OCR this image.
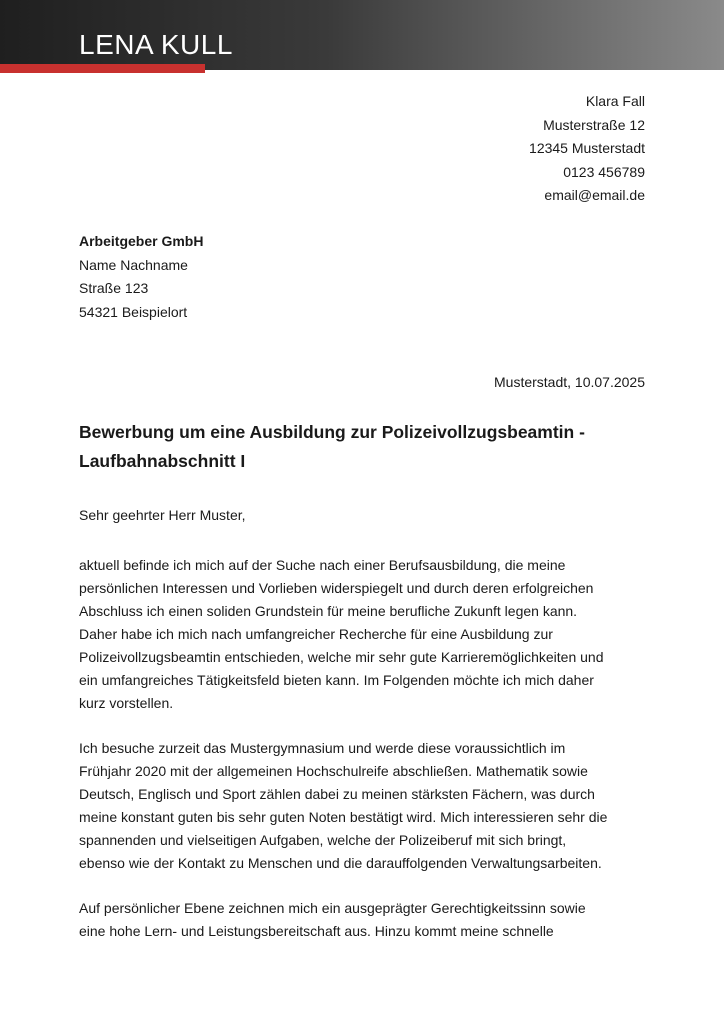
LENA KULL
Klara Fall
Musterstraße 12
12345 Musterstadt
0123 456789
email@email.de
Arbeitgeber GmbH
Name Nachname
Straße 123
54321 Beispielort
Musterstadt, 10.07.2025
Bewerbung um eine Ausbildung zur Polizeivollzugsbeamtin -
Laufbahnabschnitt I
Sehr geehrter Herr Muster,

aktuell befinde ich mich auf der Suche nach einer Berufsausbildung, die meine
persönlichen Interessen und Vorlieben widerspiegelt und durch deren erfolgreichen
Abschluss ich einen soliden Grundstein für meine berufliche Zukunft legen kann.
Daher habe ich mich nach umfangreicher Recherche für eine Ausbildung zur
Polizeivollzugsbeamtin entschieden, welche mir sehr gute Karrieremöglichkeiten und
ein umfangreiches Tätigkeitsfeld bieten kann. Im Folgenden möchte ich mich daher
kurz vorstellen.

Ich besuche zurzeit das Mustergymnasium und werde diese voraussichtlich im
Frühjahr 2020 mit der allgemeinen Hochschulreife abschließen. Mathematik sowie
Deutsch, Englisch und Sport zählen dabei zu meinen stärksten Fächern, was durch
meine konstant guten bis sehr guten Noten bestätigt wird. Mich interessieren sehr die
spannenden und vielseitigen Aufgaben, welche der Polizeiberuf mit sich bringt,
ebenso wie der Kontakt zu Menschen und die darauffolgenden Verwaltungsarbeiten.

Auf persönlicher Ebene zeichnen mich ein ausgeprägter Gerechtigkeitssinn sowie
eine hohe Lern- und Leistungsbereitschaft aus. Hinzu kommt meine schnelle
